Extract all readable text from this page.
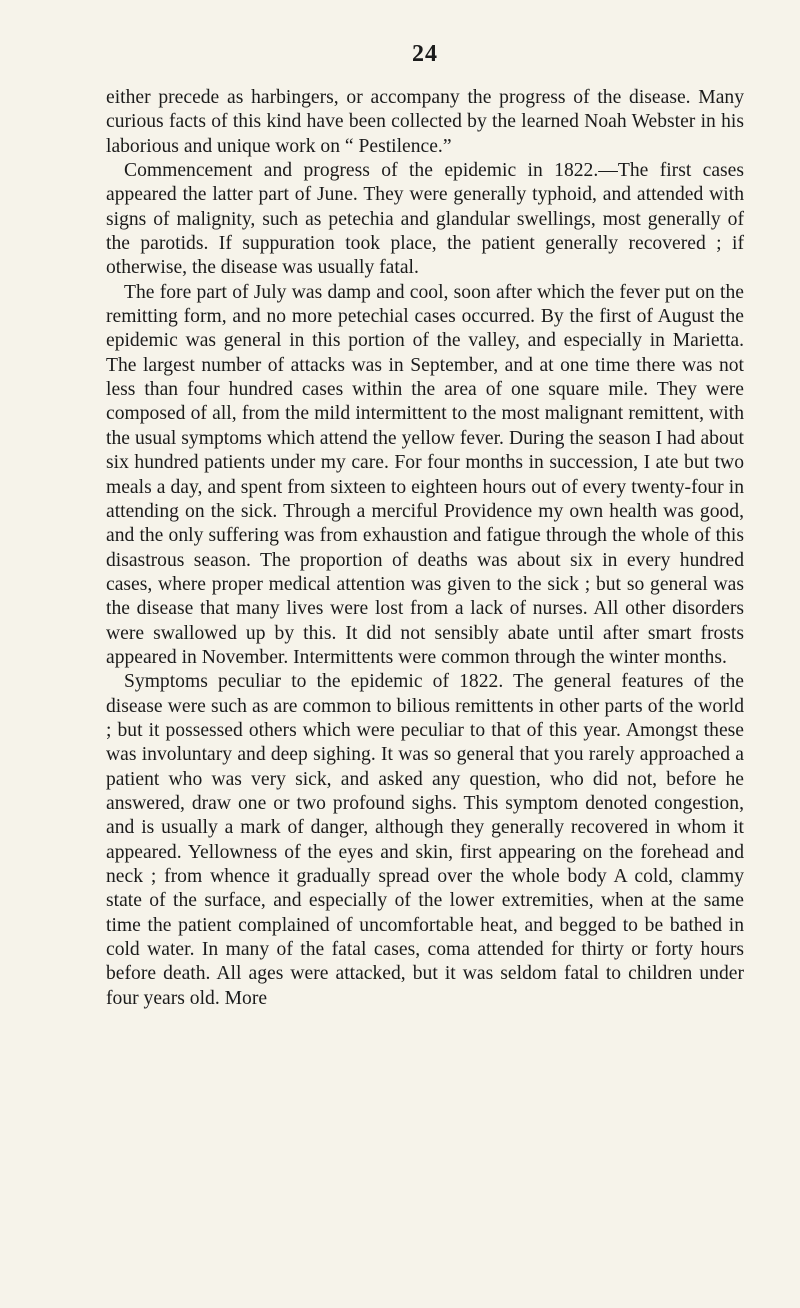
24

either precede as harbingers, or accompany the progress of the disease. Many curious facts of this kind have been collected by the learned Noah Webster in his laborious and unique work on “ Pestilence.”

Commencement and progress of the epidemic in 1822.—The first cases appeared the latter part of June. They were generally typhoid, and attended with signs of malignity, such as petechia and glandular swellings, most generally of the parotids. If suppuration took place, the patient generally recovered ; if otherwise, the disease was usually fatal.

The fore part of July was damp and cool, soon after which the fever put on the remitting form, and no more petechial cases occurred. By the first of August the epidemic was general in this portion of the valley, and especially in Marietta. The largest number of attacks was in September, and at one time there was not less than four hundred cases within the area of one square mile. They were composed of all, from the mild intermittent to the most malignant remittent, with the usual symptoms which attend the yellow fever. During the season I had about six hundred patients under my care. For four months in succession, I ate but two meals a day, and spent from sixteen to eighteen hours out of every twenty-four in attending on the sick. Through a merciful Providence my own health was good, and the only suffering was from exhaustion and fatigue through the whole of this disastrous season. The proportion of deaths was about six in every hundred cases, where proper medical attention was given to the sick ; but so general was the disease that many lives were lost from a lack of nurses. All other disorders were swallowed up by this. It did not sensibly abate until after smart frosts appeared in November. Intermittents were common through the winter months.

Symptoms peculiar to the epidemic of 1822. The general features of the disease were such as are common to bilious remittents in other parts of the world ; but it possessed others which were peculiar to that of this year. Amongst these was involuntary and deep sighing. It was so general that you rarely approached a patient who was very sick, and asked any question, who did not, before he answered, draw one or two profound sighs. This symptom denoted congestion, and is usually a mark of danger, although they generally recovered in whom it appeared. Yellowness of the eyes and skin, first appearing on the forehead and neck ; from whence it gradually spread over the whole body A cold, clammy state of the surface, and especially of the lower extremities, when at the same time the patient complained of uncomfortable heat, and begged to be bathed in cold water. In many of the fatal cases, coma attended for thirty or forty hours before death. All ages were attacked, but it was seldom fatal to children under four years old. More
